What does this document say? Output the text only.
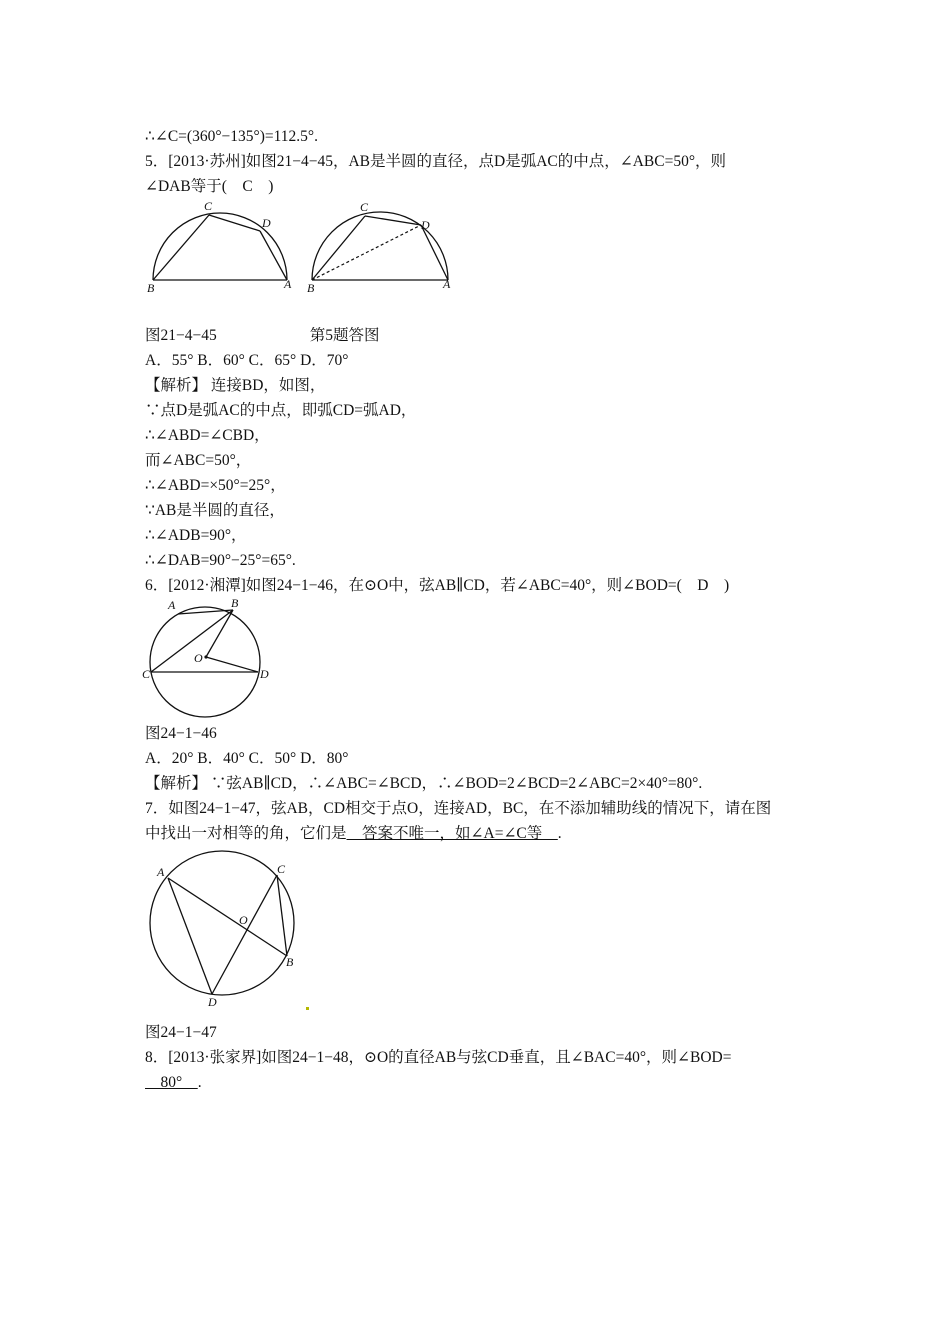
∴∠C=(360°−135°)=112.5°.
5．[2013·苏州]如图21−4−45，AB是半圆的直径，点D是弧AC的中点，∠ABC=50°，则
∠DAB等于(　C　)
B	A
C
D
B	A
C
D
图21−4−45　　　　　　第5题答图
A．55° B．60° C．65° D．70°
【解析】 连接BD，如图，
∵点D是弧AC的中点，即弧CD=弧AD，
∴∠ABD=∠CBD，
而∠ABC=50°，
∴∠ABD=×50°=25°，
∵AB是半圆的直径，
∴∠ADB=90°，
∴∠DAB=90°−25°=65°.
6．[2012·湘潭]如图24−1−46，在⊙O中，弦AB∥CD，若∠ABC=40°，则∠BOD=(　D　)
A	B
C	D
O
图24−1−46
A．20° B．40° C．50° D．80°
【解析】 ∵弦AB∥CD，∴∠ABC=∠BCD，∴∠BOD=2∠BCD=2∠ABC=2×40°=80°.
7．如图24−1−47，弦AB，CD相交于点O，连接AD，BC，在不添加辅助线的情况下，请在图
中找出一对相等的角，它们是　答案不唯一，如∠A=∠C等　.
A	C
B
D
O
图24−1−47
8．[2013·张家界]如图24−1−48，⊙O的直径AB与弦CD垂直，且∠BAC=40°，则∠BOD=
　80°　.
